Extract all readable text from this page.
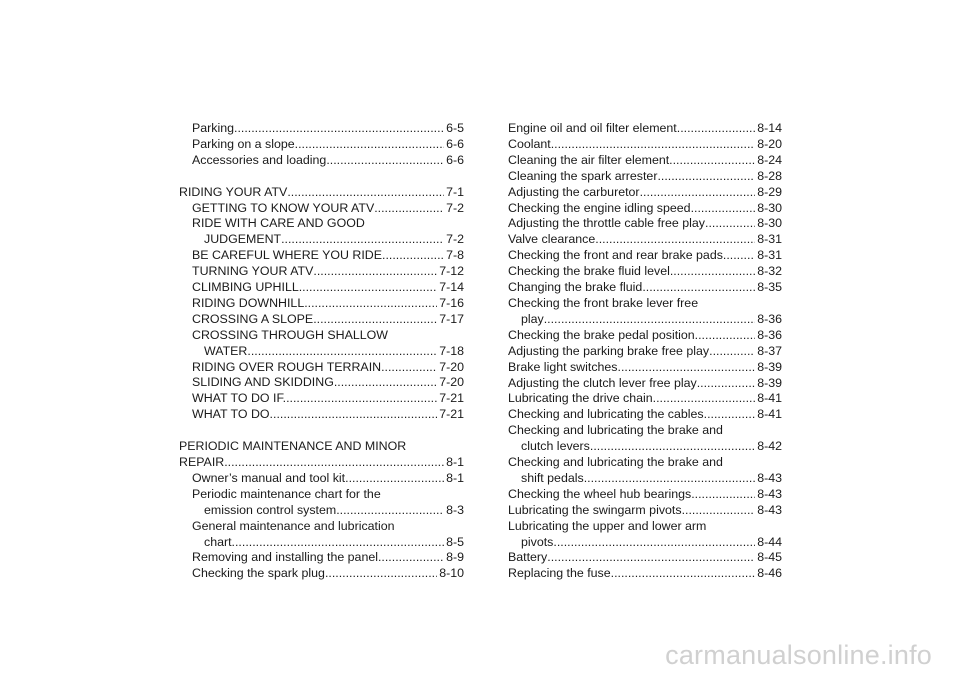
Parking .....	6-5
Parking on a slope .....	6-6
Accessories and loading .....	6-6
RIDING YOUR ATV .....	7-1
GETTING TO KNOW YOUR ATV .....	7-2
RIDE WITH CARE AND GOOD
JUDGEMENT .....	7-2
BE CAREFUL WHERE YOU RIDE .....	7-8
TURNING YOUR ATV .....	7-12
CLIMBING UPHILL .....	7-14
RIDING DOWNHILL .....	7-16
CROSSING A SLOPE .....	7-17
CROSSING THROUGH SHALLOW
WATER .....	7-18
RIDING OVER ROUGH TERRAIN .....	7-20
SLIDING AND SKIDDING .....	7-20
WHAT TO DO IF... .....	7-21
WHAT TO DO... .....	7-21
PERIODIC MAINTENANCE AND MINOR
REPAIR .....	8-1
Owner’s manual and tool kit .....	8-1
Periodic maintenance chart for the
emission control system .....	8-3
General maintenance and lubrication
chart .....	8-5
Removing and installing the panel .....	8-9
Checking the spark plug .....	8-10
Engine oil and oil filter element .....	8-14
Coolant .....	8-20
Cleaning the air filter element .....	8-24
Cleaning the spark arrester .....	8-28
Adjusting the carburetor .....	8-29
Checking the engine idling speed .....	8-30
Adjusting the throttle cable free play .....	8-30
Valve clearance .....	8-31
Checking the front and rear brake pads .....	8-31
Checking the brake fluid level .....	8-32
Changing the brake fluid .....	8-35
Checking the front brake lever free
play .....	8-36
Checking the brake pedal position .....	8-36
Adjusting the parking brake free play .....	8-37
Brake light switches .....	8-39
Adjusting the clutch lever free play .....	8-39
Lubricating the drive chain .....	8-41
Checking and lubricating the cables .....	8-41
Checking and lubricating the brake and
clutch levers .....	8-42
Checking and lubricating the brake and
shift pedals .....	8-43
Checking the wheel hub bearings .....	8-43
Lubricating the swingarm pivots .....	8-43
Lubricating the upper and lower arm
pivots .....	8-44
Battery .....	8-45
Replacing the fuse .....	8-46
carmanualsonline.info
